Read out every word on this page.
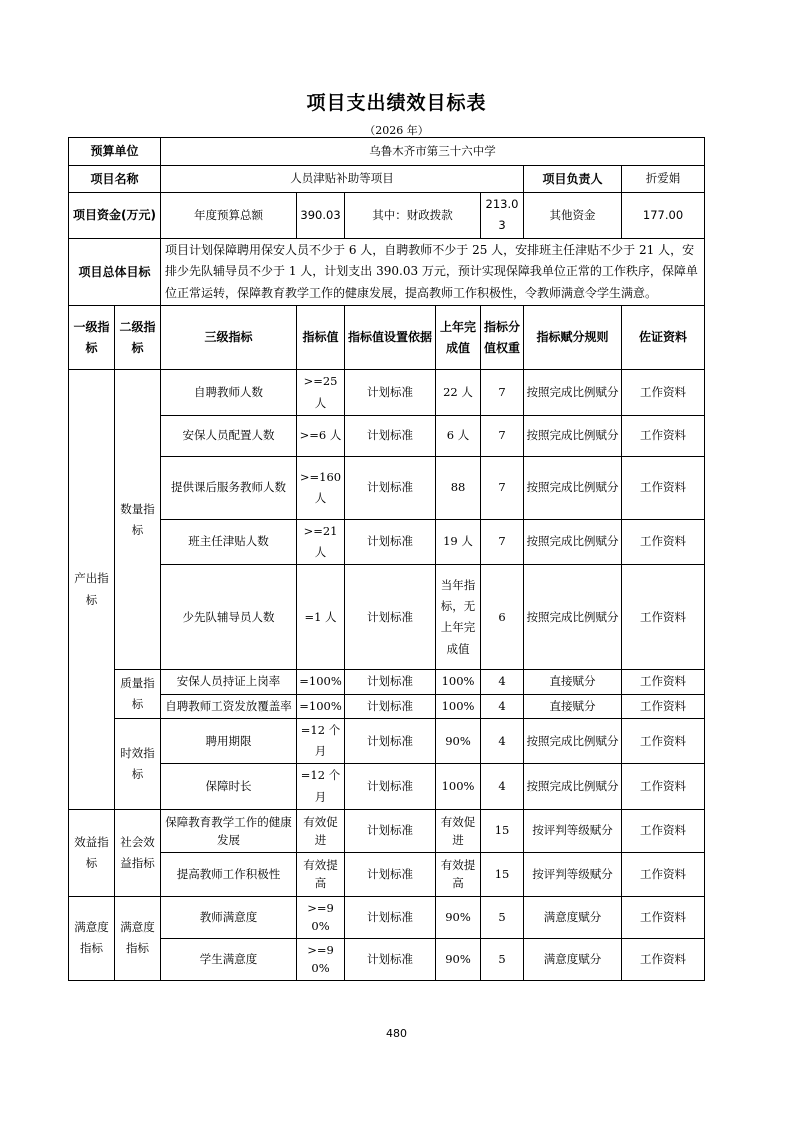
项目支出绩效目标表
（2026 年）
预算单位		乌鲁木齐市第三十六中学						
项目名称		人员津贴补助等项目					项目负责人	折爱娟
项目资金(万元)		年度预算总额	390.03	其中：财政拨款		213.03	其他资金	177.00
项目总体目标		项目计划保障聘用保安人员不少于 6 人，自聘教师不少于 25 人，安排班主任津贴不少于 21 人，安排少先队辅导员不少于 1 人，计划支出 390.03 万元，预计实现保障我单位正常的工作秩序，保障单位正常运转，保障教育教学工作的健康发展，提高教师工作积极性，令教师满意令学生满意。						
一级指标	二级指标	三级指标	指标值	指标值设置依据	上年完成值	指标分值权重	指标赋分规则	佐证资料
产出指标	数量指标	自聘教师人数	>=25 人	计划标准	22 人	7	按照完成比例赋分	工作资料
		安保人员配置人数	>=6 人	计划标准	6 人	7	按照完成比例赋分	工作资料
		提供课后服务教师人数	>=160 人	计划标准	88	7	按照完成比例赋分	工作资料
		班主任津贴人数	>=21 人	计划标准	19 人	7	按照完成比例赋分	工作资料
		少先队辅导员人数	=1 人	计划标准	当年指标，无上年完成值	6	按照完成比例赋分	工作资料
	质量指标	安保人员持证上岗率	=100%	计划标准	100%	4	直接赋分	工作资料
		自聘教师工资发放覆盖率	=100%	计划标准	100%	4	直接赋分	工作资料
	时效指标	聘用期限	=12 个月	计划标准	90%	4	按照完成比例赋分	工作资料
		保障时长	=12 个月	计划标准	100%	4	按照完成比例赋分	工作资料
效益指标	社会效益指标	保障教育教学工作的健康发展	有效促进	计划标准	有效促进	15	按评判等级赋分	工作资料
		提高教师工作积极性	有效提高	计划标准	有效提高	15	按评判等级赋分	工作资料
满意度指标	满意度指标	教师满意度	>=90%	计划标准	90%	5	满意度赋分	工作资料
		学生满意度	>=90%	计划标准	90%	5	满意度赋分	工作资料
480
